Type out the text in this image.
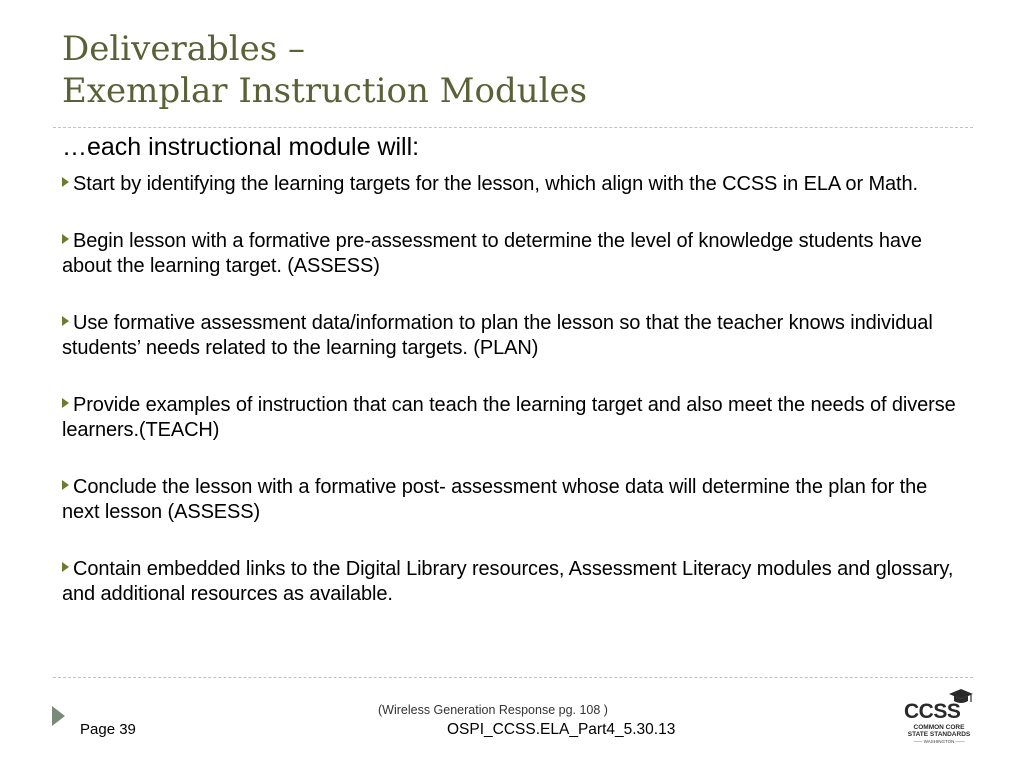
Deliverables –
Exemplar Instruction Modules

…each instructional module will:

Start by identifying the learning targets for the lesson, which align with the CCSS in ELA or Math.
Begin lesson with a formative pre-assessment to determine the level of knowledge students have about the learning target. (ASSESS)
Use formative assessment data/information to plan the lesson so that the teacher knows individual students’ needs related to the learning targets. (PLAN)
Provide examples of instruction that can teach the learning target and also meet the needs of diverse learners.(TEACH)
Conclude the lesson with a formative post- assessment whose data will determine the plan for the next lesson (ASSESS)
Contain embedded links to the Digital Library resources, Assessment Literacy modules and glossary, and additional resources as available.
Page 39
(Wireless Generation Response pg. 108 )
OSPI_CCSS.ELA_Part4_5.30.13
CCSS
COMMON CORE
STATE STANDARDS
—— WASHINGTON ——
